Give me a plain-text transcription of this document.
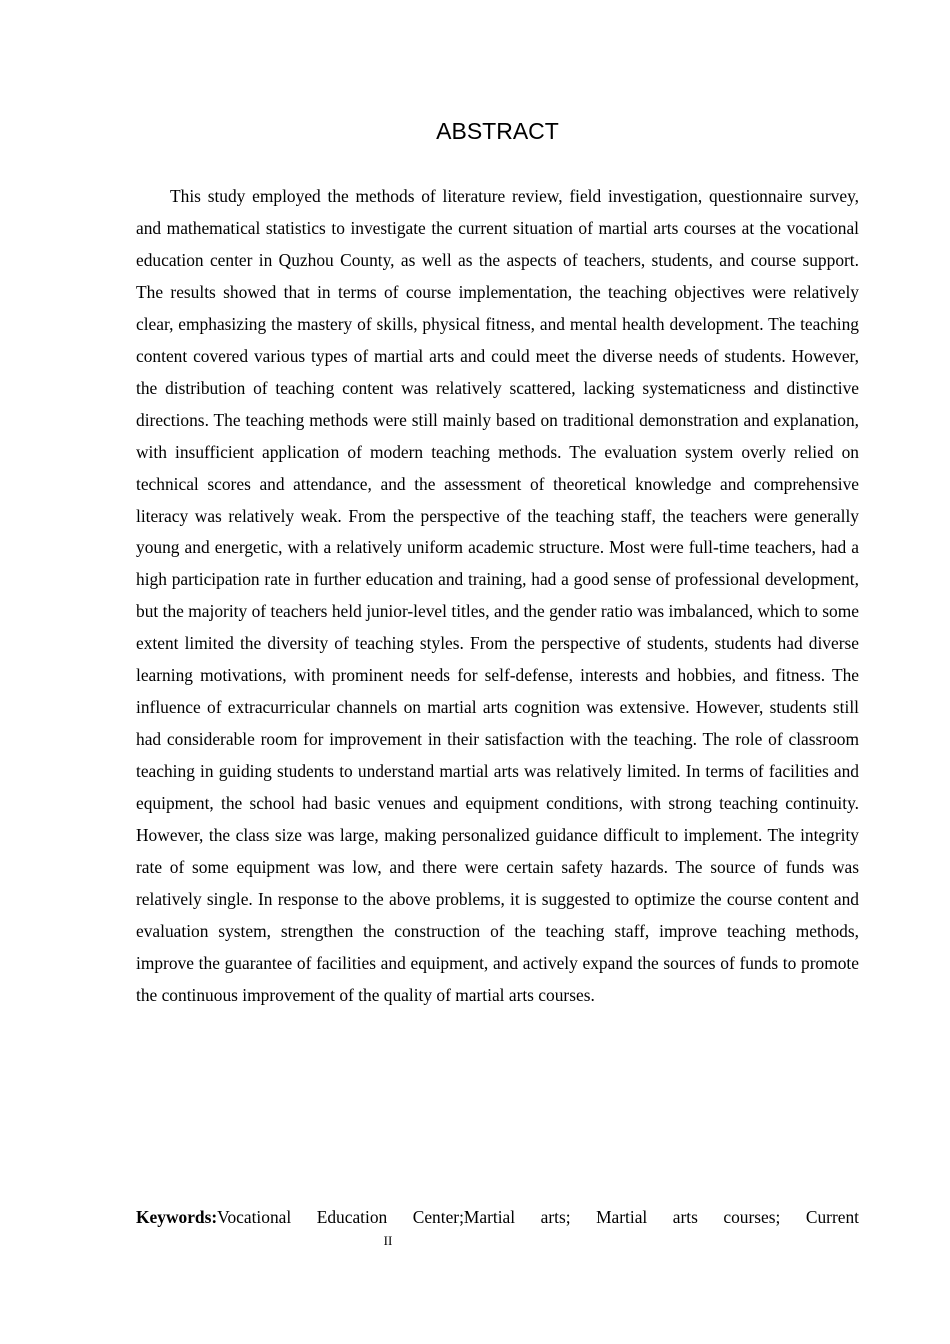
ABSTRACT

This study employed the methods of literature review, field investigation, questionnaire survey, and mathematical statistics to investigate the current situation of martial arts courses at the vocational education center in Quzhou County, as well as the aspects of teachers, students, and course support. The results showed that in terms of course implementation, the teaching objectives were relatively clear, emphasizing the mastery of skills, physical fitness, and mental health development. The teaching content covered various types of martial arts and could meet the diverse needs of students. However, the distribution of teaching content was relatively scattered, lacking systematicness and distinctive directions. The teaching methods were still mainly based on traditional demonstration and explanation, with insufficient application of modern teaching methods. The evaluation system overly relied on technical scores and attendance, and the assessment of theoretical knowledge and comprehensive literacy was relatively weak. From the perspective of the teaching staff, the teachers were generally young and energetic, with a relatively uniform academic structure. Most were full-time teachers, had a high participation rate in further education and training, had a good sense of professional development, but the majority of teachers held junior-level titles, and the gender ratio was imbalanced, which to some extent limited the diversity of teaching styles. From the perspective of students, students had diverse learning motivations, with prominent needs for self-defense, interests and hobbies, and fitness. The influence of extracurricular channels on martial arts cognition was extensive. However, students still had considerable room for improvement in their satisfaction with the teaching. The role of classroom teaching in guiding students to understand martial arts was relatively limited. In terms of facilities and equipment, the school had basic venues and equipment conditions, with strong teaching continuity. However, the class size was large, making personalized guidance difficult to implement. The integrity rate of some equipment was low, and there were certain safety hazards. The source of funds was relatively single. In response to the above problems, it is suggested to optimize the course content and evaluation system, strengthen the construction of the teaching staff, improve teaching methods, improve the guarantee of facilities and equipment, and actively expand the sources of funds to promote the continuous improvement of the quality of martial arts courses.

Keywords:Vocational Education Center;Martial arts; Martial arts courses; Current

II
